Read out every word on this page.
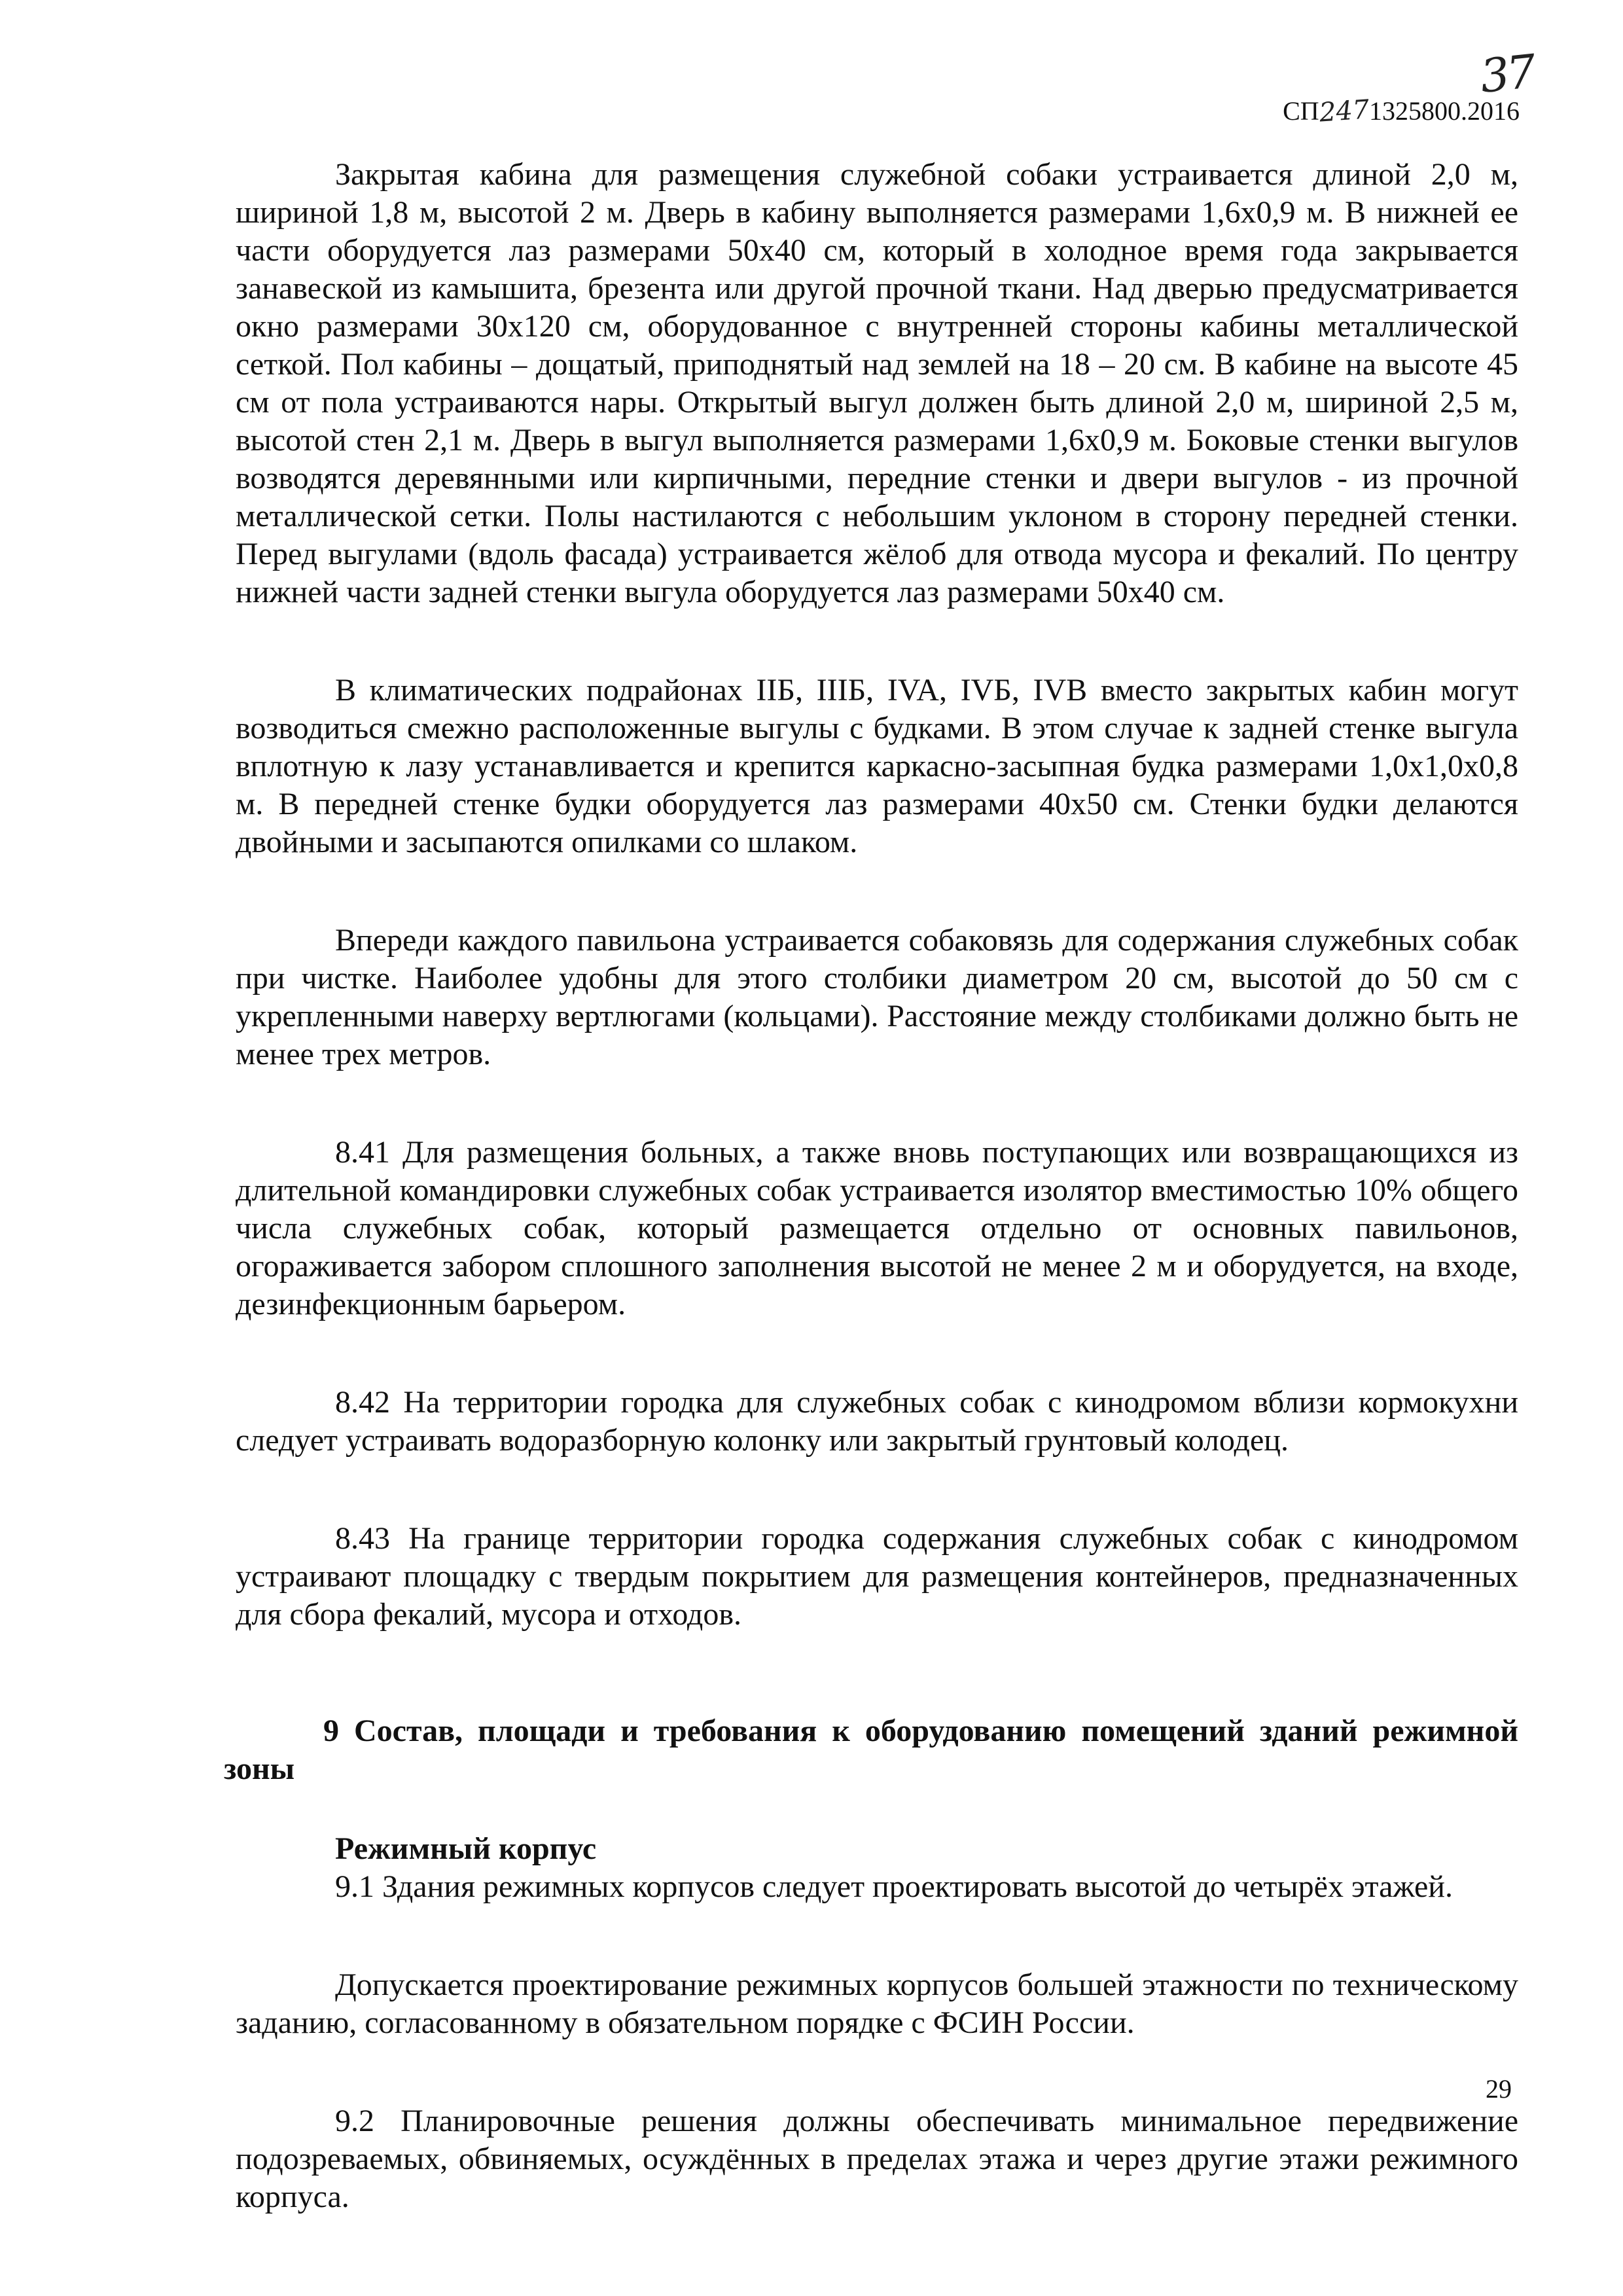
37
СП2471325800.2016

Закрытая кабина для размещения служебной собаки устраивается длиной 2,0 м, шириной 1,8 м, высотой 2 м. Дверь в кабину выполняется размерами 1,6х0,9 м. В нижней ее части оборудуется лаз размерами 50х40 см, который в холодное время года закрывается занавеской из камышита, брезента или другой прочной ткани. Над дверью предусматривается окно размерами 30х120 см, оборудованное с внутренней стороны кабины металлической сеткой. Пол кабины – дощатый, приподнятый над землей на 18 – 20 см. В кабине на высоте 45 см от пола устраиваются нары. Открытый выгул должен быть длиной 2,0 м, шириной 2,5 м, высотой стен 2,1 м. Дверь в выгул выполняется размерами 1,6х0,9 м. Боковые стенки выгулов возводятся деревянными или кирпичными, передние стенки и двери выгулов - из прочной металлической сетки. Полы настилаются с небольшим уклоном в сторону передней стенки. Перед выгулами (вдоль фасада) устраивается жёлоб для отвода мусора и фекалий. По центру нижней части задней стенки выгула оборудуется лаз размерами 50х40 см.

В климатических подрайонах IIБ, IIIБ, IVA, IVБ, IVB вместо закрытых кабин могут возводиться смежно расположенные выгулы с будками. В этом случае к задней стенке выгула вплотную к лазу устанавливается и крепится каркасно-засыпная будка размерами 1,0х1,0х0,8 м. В передней стенке будки оборудуется лаз размерами 40х50 см. Стенки будки делаются двойными и засыпаются опилками со шлаком.

Впереди каждого павильона устраивается собаковязь для содержания служебных собак при чистке. Наиболее удобны для этого столбики диаметром 20 см, высотой до 50 см с укрепленными наверху вертлюгами (кольцами). Расстояние между столбиками должно быть не менее трех метров.

8.41 Для размещения больных, а также вновь поступающих или возвращающихся из длительной командировки служебных собак устраивается изолятор вместимостью 10% общего числа служебных собак, который размещается отдельно от основных павильонов, огораживается забором сплошного заполнения высотой не менее 2 м и оборудуется, на входе, дезинфекционным барьером.

8.42 На территории городка для служебных собак с кинодромом вблизи кормокухни следует устраивать водоразборную колонку или закрытый грунтовый колодец.

8.43 На границе территории городка содержания служебных собак с кинодромом устраивают площадку с твердым покрытием для размещения контейнеров, предназначенных для сбора фекалий, мусора и отходов.

9 Состав, площади и требования к оборудованию помещений зданий режимной зоны

Режимный корпус

9.1 Здания режимных корпусов следует проектировать высотой до четырёх этажей.

Допускается проектирование режимных корпусов большей этажности по техническому заданию, согласованному в обязательном порядке с ФСИН России.

9.2 Планировочные решения должны обеспечивать минимальное передвижение подозреваемых, обвиняемых, осуждённых в пределах этажа и через другие этажи режимного корпуса.

29
